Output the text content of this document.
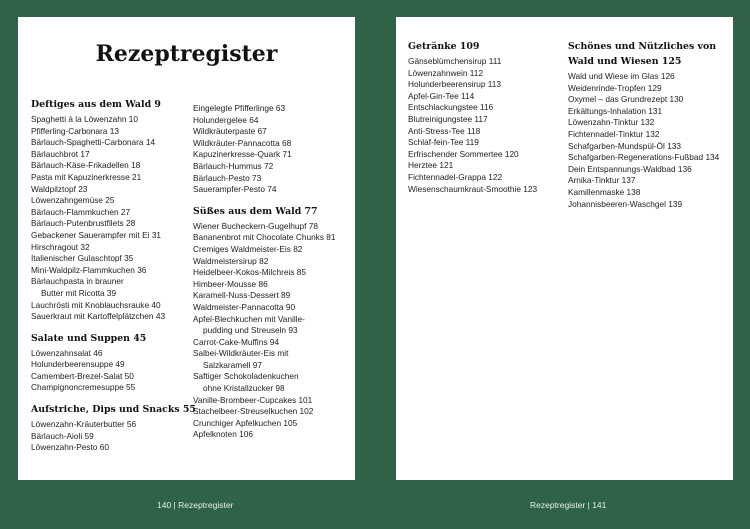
Rezeptregister
Deftiges aus dem Wald 9
Spaghetti à la Löwenzahn 10
Pfifferling-Carbonara 13
Bärlauch-Spaghetti-Carbonara 14
Bärlauchbrot 17
Bärlauch-Käse-Frikadellen 18
Pasta mit Kapuzinerkresse 21
Waldpilztopf 23
Löwenzahngemüse 25
Bärlauch-Flammkuchen 27
Bärlauch-Putenbrustfilets 28
Gebackener Sauerampfer mit Ei 31
Hirschragout 32
Italienischer Gulaschtopf 35
Mini-Waldpilz-Flammkuchen 36
Bärlauchpasta in brauner
Butter mit Ricotta 39
Lauchrösti mit Knoblauchsrauke 40
Sauerkraut mit Kartoffelplätzchen 43
Salate und Suppen 45
Löwenzahnsalat 46
Holunderbeerensuppe 49
Camembert-Brezel-Salat 50
Champignoncremesuppe 55
Aufstriche, Dips und Snacks 55
Löwenzahn-Kräuterbutter 56
Bärlauch-Aioli 59
Löwenzahn-Pesto 60
Eingelegte Pfifferlinge 63
Holundergelee 64
Wildkräuterpaste 67
Wildkräuter-Pannacotta 68
Kapuzinerkresse-Quark 71
Bärlauch-Hummus 72
Bärlauch-Pesto 73
Sauerampfer-Pesto 74
Süßes aus dem Wald 77
Wiener Bucheckern-Gugelhupf 78
Bananenbrot mit Chocolate Chunks 81
Cremiges Waldmeister-Eis 82
Waldmeistersirup 82
Heidelbeer-Kokos-Milchreis 85
Himbeer-Mousse 86
Karamell-Nuss-Dessert 89
Waldmeister-Pannacotta 90
Apfel-Blechkuchen mit Vanille-
pudding und Streuseln 93
Carrot-Cake-Muffins 94
Salbei-Wildkräuter-Eis mit
Salzkaramell 97
Saftiger Schokoladenkuchen
ohne Kristallzucker 98
Vanille-Brombeer-Cupcakes 101
Stachelbeer-Streuselkuchen 102
Crunchiger Apfelkuchen 105
Apfelknoten 106
Getränke 109
Gänseblümchensirup 111
Löwenzahnwein 112
Holunderbeerensirup 113
Apfel-Gin-Tee 114
Entschlackungstee 116
Blutreinigungstee 117
Anti-Stress-Tee 118
Schlaf-fein-Tee 119
Erfrischender Sommertee 120
Herztee 121
Fichtennadel-Grappa 122
Wiesenschaumkraut-Smoothie 123
Schönes und Nützliches von
Wald und Wiesen 125
Wald und Wiese im Glas 126
Weidenrinde-Tropfen 129
Oxymel – das Grundrezept 130
Erkältungs-Inhalation 131
Löwenzahn-Tinktur 132
Fichtennadel-Tinktur 132
Schafgarben-Mundspül-Öl 133
Schafgarben-Regenerations-Fußbad 134
Dein Entspannungs-Waldbad 136
Arnika-Tinktur 137
Kamillenmaske 138
Johannisbeeren-Waschgel 139
140 | Rezeptregister	Rezeptregister | 141
